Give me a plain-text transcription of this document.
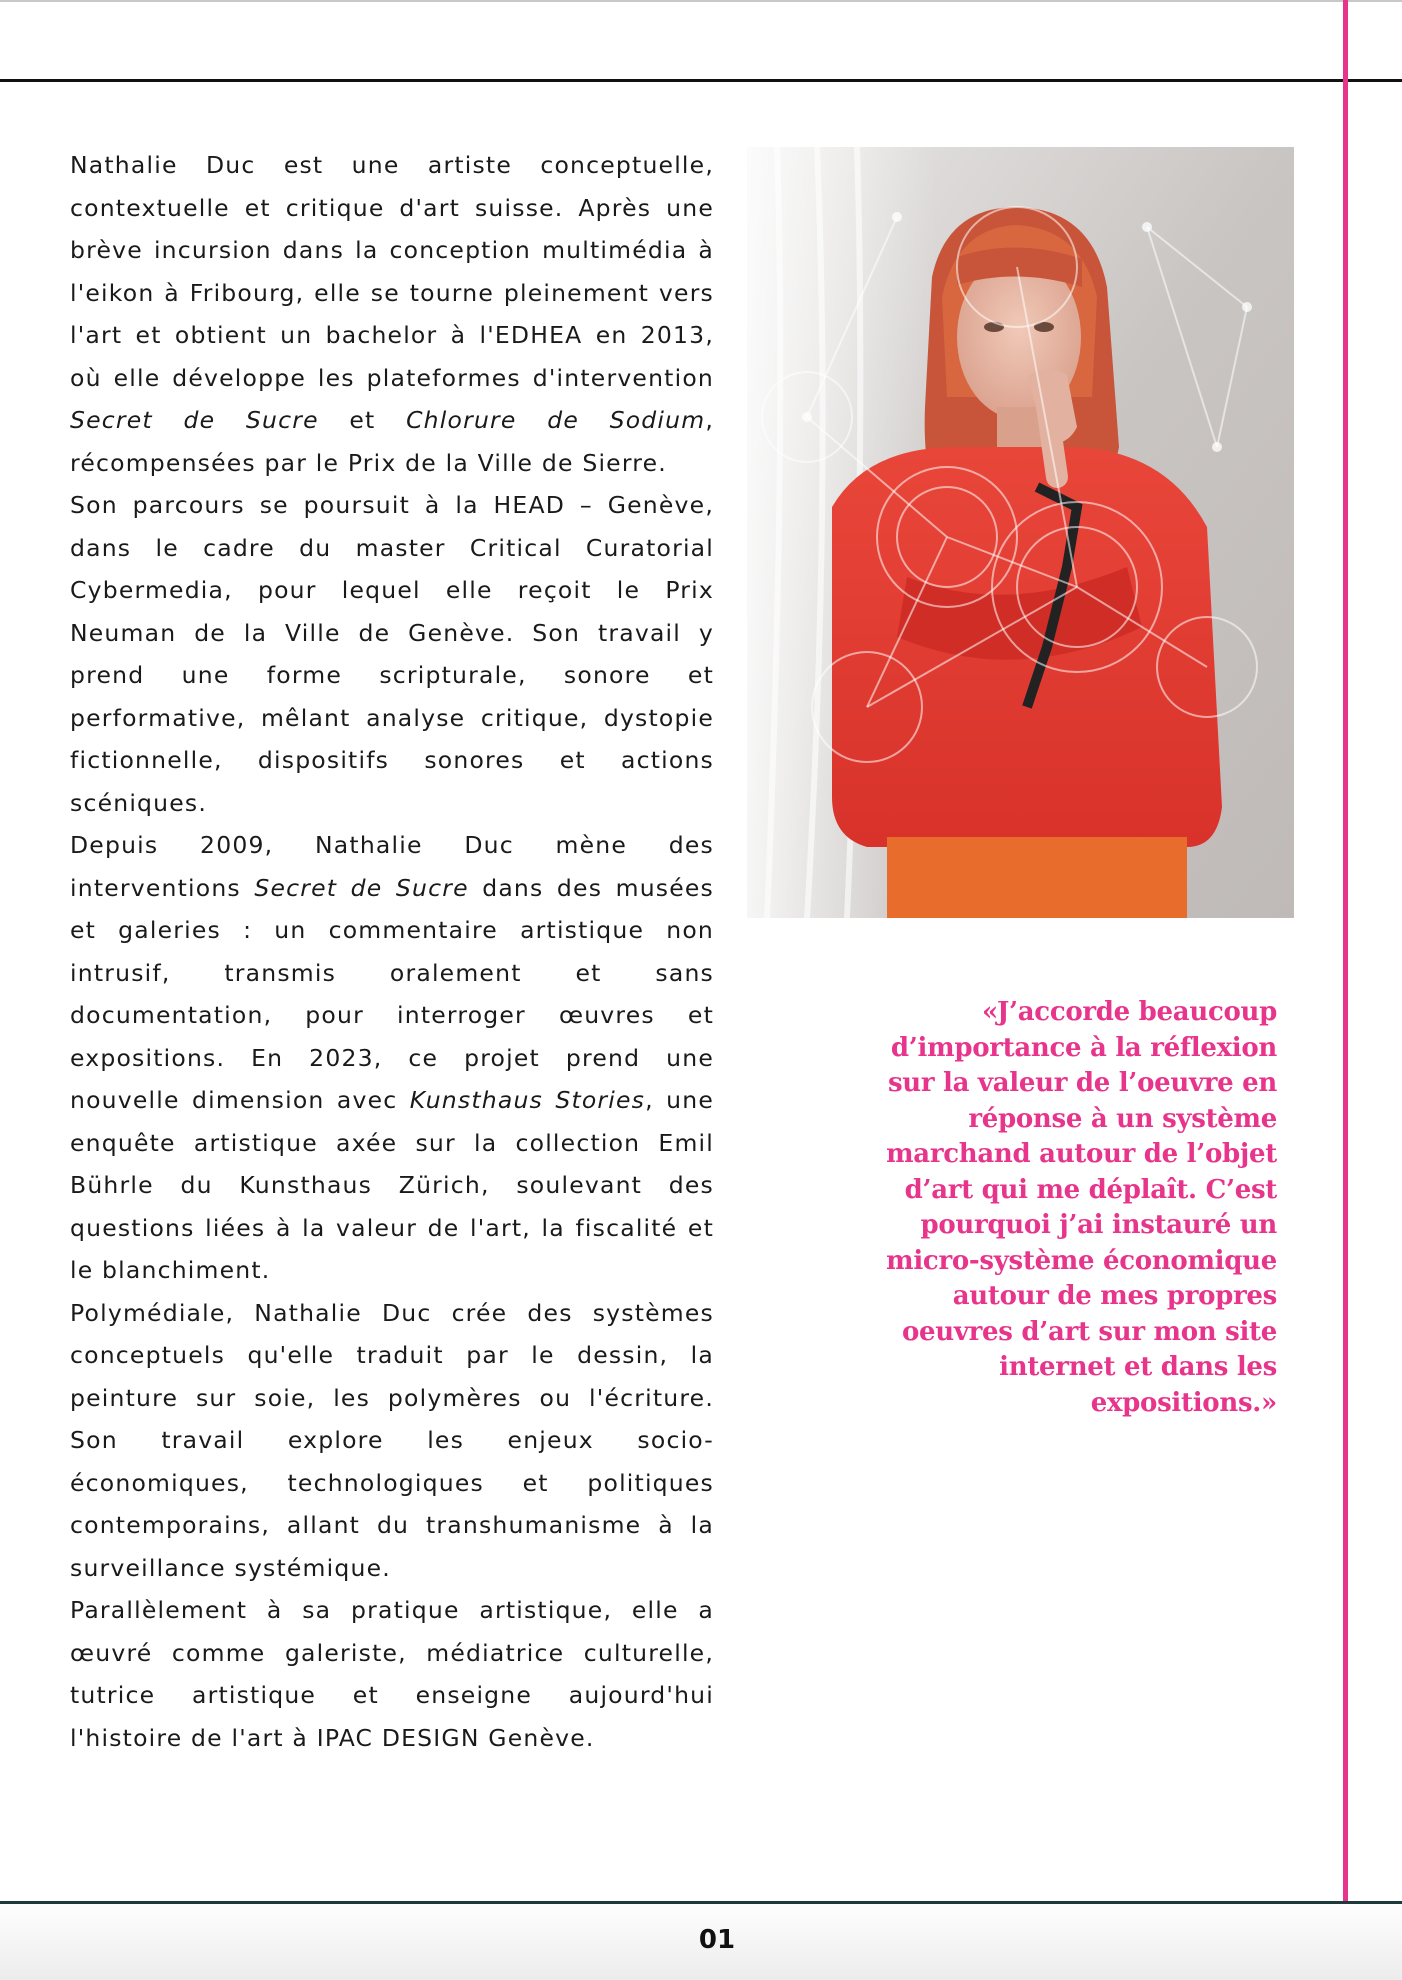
Nathalie Duc est une artiste conceptuelle, contextuelle et critique d'art suisse. Après une brève incursion dans la conception multimédia à l'eikon à Fribourg, elle se tourne pleinement vers l'art et obtient un bachelor à l'EDHEA en 2013, où elle développe les plateformes d'intervention Secret de Sucre et Chlorure de Sodium, récompensées par le Prix de la Ville de Sierre.

Son parcours se poursuit à la HEAD – Genève, dans le cadre du master Critical Curatorial Cybermedia, pour lequel elle reçoit le Prix Neuman de la Ville de Genève. Son travail y prend une forme scripturale, sonore et performative, mêlant analyse critique, dystopie fictionnelle, dispositifs sonores et actions scéniques.

Depuis 2009, Nathalie Duc mène des interventions Secret de Sucre dans des musées et galeries : un commentaire artistique non intrusif, transmis oralement et sans documentation, pour interroger œuvres et expositions. En 2023, ce projet prend une nouvelle dimension avec Kunsthaus Stories, une enquête artistique axée sur la collection Emil Bührle du Kunsthaus Zürich, soulevant des questions liées à la valeur de l'art, la fiscalité et le blanchiment.

Polymédiale, Nathalie Duc crée des systèmes conceptuels qu'elle traduit par le dessin, la peinture sur soie, les polymères ou l'écriture. Son travail explore les enjeux socio-économiques, technologiques et politiques contemporains, allant du transhumanisme à la surveillance systémique.

Parallèlement à sa pratique artistique, elle a œuvré comme galeriste, médiatrice culturelle, tutrice artistique et enseigne aujourd'hui l'histoire de l'art à IPAC DESIGN Genève.

«J’accorde beaucoup d’importance à la réflexion sur la valeur de l’oeuvre en réponse à un système marchand autour de l’objet d’art qui me déplaît. C’est pourquoi j’ai instauré un micro-système économique autour de mes propres oeuvres d’art sur mon site internet et dans les expositions.»
01
